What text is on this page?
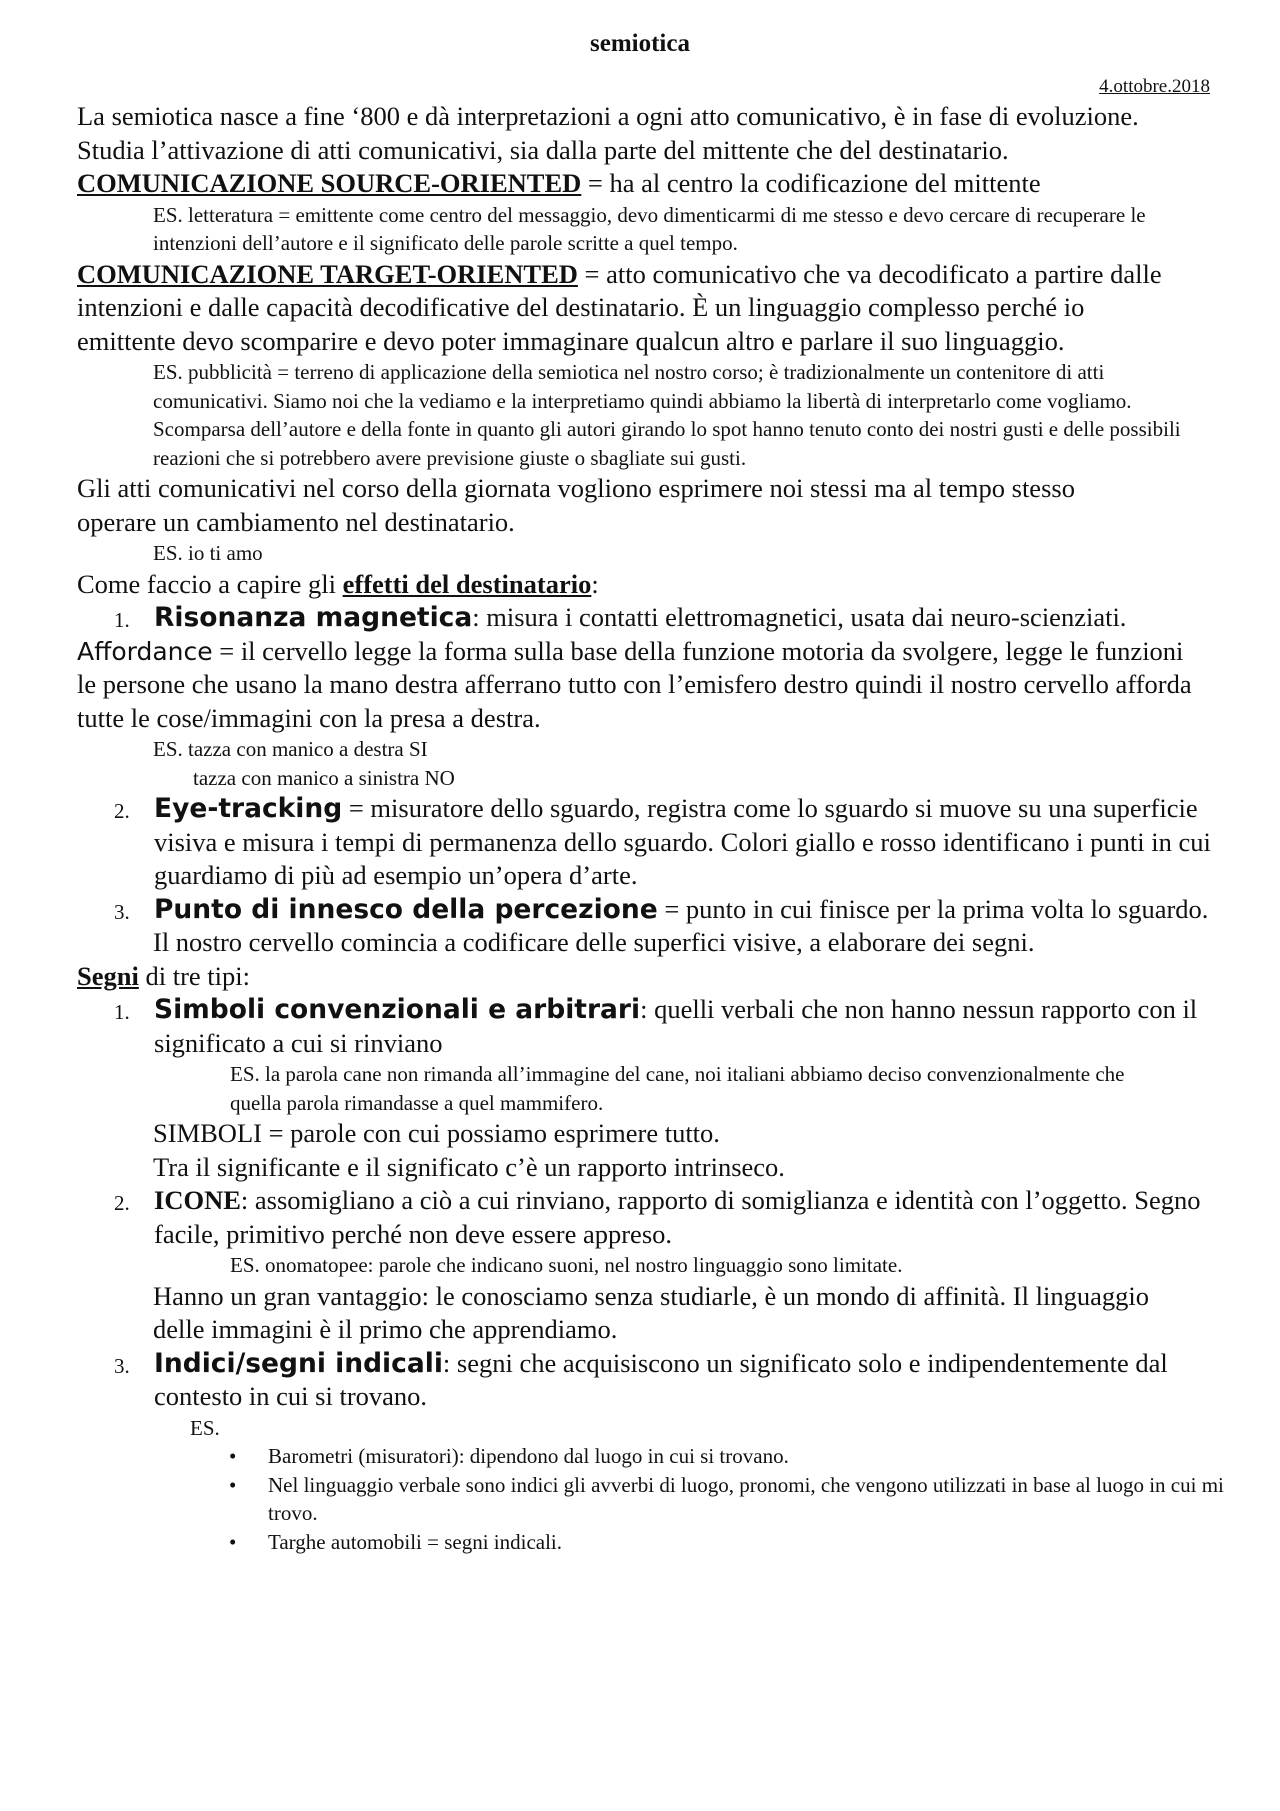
semiotica
4.ottobre.2018

La semiotica nasce a fine ‘800 e dà interpretazioni a ogni atto comunicativo, è in fase di evoluzione.

Studia l’attivazione di atti comunicativi, sia dalla parte del mittente che del destinatario.

COMUNICAZIONE SOURCE-ORIENTED = ha al centro la codificazione del mittente

ES. letteratura = emittente come centro del messaggio, devo dimenticarmi di me stesso e devo cercare di recuperare le intenzioni dell’autore e il significato delle parole scritte a quel tempo.

COMUNICAZIONE TARGET-ORIENTED = atto comunicativo che va decodificato a partire dalle intenzioni e dalle capacità decodificative del destinatario. È un linguaggio complesso perché io emittente devo scomparire e devo poter immaginare qualcun altro e parlare il suo linguaggio.

ES. pubblicità = terreno di applicazione della semiotica nel nostro corso; è tradizionalmente un contenitore di atti comunicativi. Siamo noi che la vediamo e la interpretiamo quindi abbiamo la libertà di interpretarlo come vogliamo. Scomparsa dell’autore e della fonte in quanto gli autori girando lo spot hanno tenuto conto dei nostri gusti e delle possibili reazioni che si potrebbero avere previsione giuste o sbagliate sui gusti.

Gli atti comunicativi nel corso della giornata vogliono esprimere noi stessi ma al tempo stesso operare un cambiamento nel destinatario.

ES. io ti amo

Come faccio a capire gli effetti del destinatario:

1. Risonanza magnetica: misura i contatti elettromagnetici, usata dai neuro-scienziati.

Affordance = il cervello legge la forma sulla base della funzione motoria da svolgere, legge le funzioni le persone che usano la mano destra afferrano tutto con l’emisfero destro quindi il nostro cervello afforda tutte le cose/immagini con la presa a destra.

ES. tazza con manico a destra SI

tazza con manico a sinistra NO

2. Eye-tracking = misuratore dello sguardo, registra come lo sguardo si muove su una superficie visiva e misura i tempi di permanenza dello sguardo. Colori giallo e rosso identificano i punti in cui guardiamo di più ad esempio un’opera d’arte.
3. Punto di innesco della percezione = punto in cui finisce per la prima volta lo sguardo.

Il nostro cervello comincia a codificare delle superfici visive, a elaborare dei segni.

Segni di tre tipi:

1. Simboli convenzionali e arbitrari: quelli verbali che non hanno nessun rapporto con il significato a cui si rinviano

ES. la parola cane non rimanda all’immagine del cane, noi italiani abbiamo deciso convenzionalmente che quella parola rimandasse a quel mammifero.

SIMBOLI = parole con cui possiamo esprimere tutto.

Tra il significante e il significato c’è un rapporto intrinseco.

2. ICONE: assomigliano a ciò a cui rinviano, rapporto di somiglianza e identità con l’oggetto. Segno facile, primitivo perché non deve essere appreso.

ES. onomatopee: parole che indicano suoni, nel nostro linguaggio sono limitate.

Hanno un gran vantaggio: le conosciamo senza studiarle, è un mondo di affinità. Il linguaggio delle immagini è il primo che apprendiamo.

3. Indici/segni indicali: segni che acquisiscono un significato solo e indipendentemente dal contesto in cui si trovano.

ES.

• Barometri (misuratori): dipendono dal luogo in cui si trovano.
• Nel linguaggio verbale sono indici gli avverbi di luogo, pronomi, che vengono utilizzati in base al luogo in cui mi trovo.
• Targhe automobili = segni indicali.
